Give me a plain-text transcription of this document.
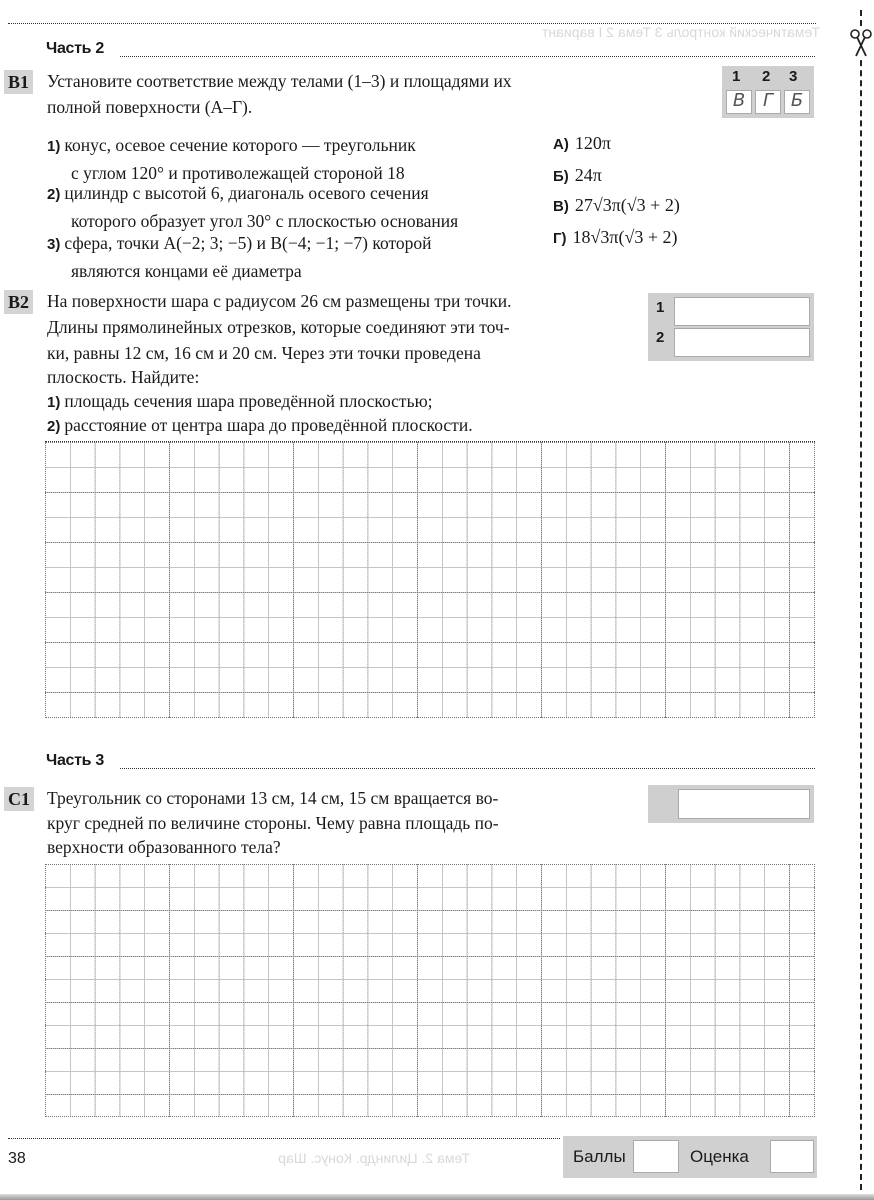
Тематический контроль 3 Тема 2 I вариант
Тема 2. Цилиндр. Конус. Шар
Часть 2
B1 Установите соответствие между телами (1–3) и площадями их
полной поверхности (А–Г).
1) конус, осевое сечение которого — треугольник
с углом 120° и противолежащей стороной 18
2) цилиндр с высотой 6, диагональ осевого сечения
которого образует угол 30° с плоскостью основания
3) сфера, точки A(−2; 3; −5) и B(−4; −1; −7) которой
являются концами её диаметра
А) 120π
Б) 24π
В) 27√3π(√3 + 2)
Г) 18√3π(√3 + 2)
1 2 3
В Г Б
B2 На поверхности шара с радиусом 26 см размещены три точки.
Длины прямолинейных отрезков, которые соединяют эти точ-
ки, равны 12 см, 16 см и 20 см. Через эти точки проведена
плоскость. Найдите:
1) площадь сечения шара проведённой плоскостью;
2) расстояние от центра шара до проведённой плоскости.
1
2
Часть 3
C1 Треугольник со сторонами 13 см, 14 см, 15 см вращается во-
круг средней по величине стороны. Чему равна площадь по-
верхности образованного тела?
38	Баллы	Оценка
